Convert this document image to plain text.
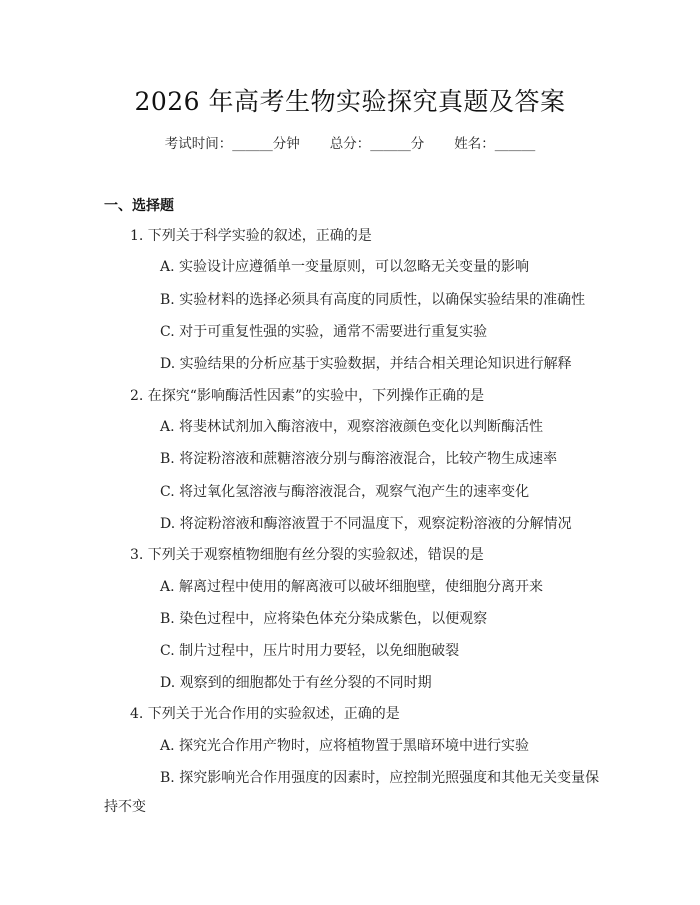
2026 年高考生物实验探究真题及答案
考试时间：______分钟 总分：______分 姓名：______
一、选择题
1. 下列关于科学实验的叙述，正确的是
A. 实验设计应遵循单一变量原则，可以忽略无关变量的影响
B. 实验材料的选择必须具有高度的同质性，以确保实验结果的准确性
C. 对于可重复性强的实验，通常不需要进行重复实验
D. 实验结果的分析应基于实验数据，并结合相关理论知识进行解释
2. 在探究“影响酶活性因素”的实验中，下列操作正确的是
A. 将斐林试剂加入酶溶液中，观察溶液颜色变化以判断酶活性
B. 将淀粉溶液和蔗糖溶液分别与酶溶液混合，比较产物生成速率
C. 将过氧化氢溶液与酶溶液混合，观察气泡产生的速率变化
D. 将淀粉溶液和酶溶液置于不同温度下，观察淀粉溶液的分解情况
3. 下列关于观察植物细胞有丝分裂的实验叙述，错误的是
A. 解离过程中使用的解离液可以破坏细胞壁，使细胞分离开来
B. 染色过程中，应将染色体充分染成紫色，以便观察
C. 制片过程中，压片时用力要轻，以免细胞破裂
D. 观察到的细胞都处于有丝分裂的不同时期
4. 下列关于光合作用的实验叙述，正确的是
A. 探究光合作用产物时，应将植物置于黑暗环境中进行实验
B. 探究影响光合作用强度的因素时，应控制光照强度和其他无关变量保
持不变
